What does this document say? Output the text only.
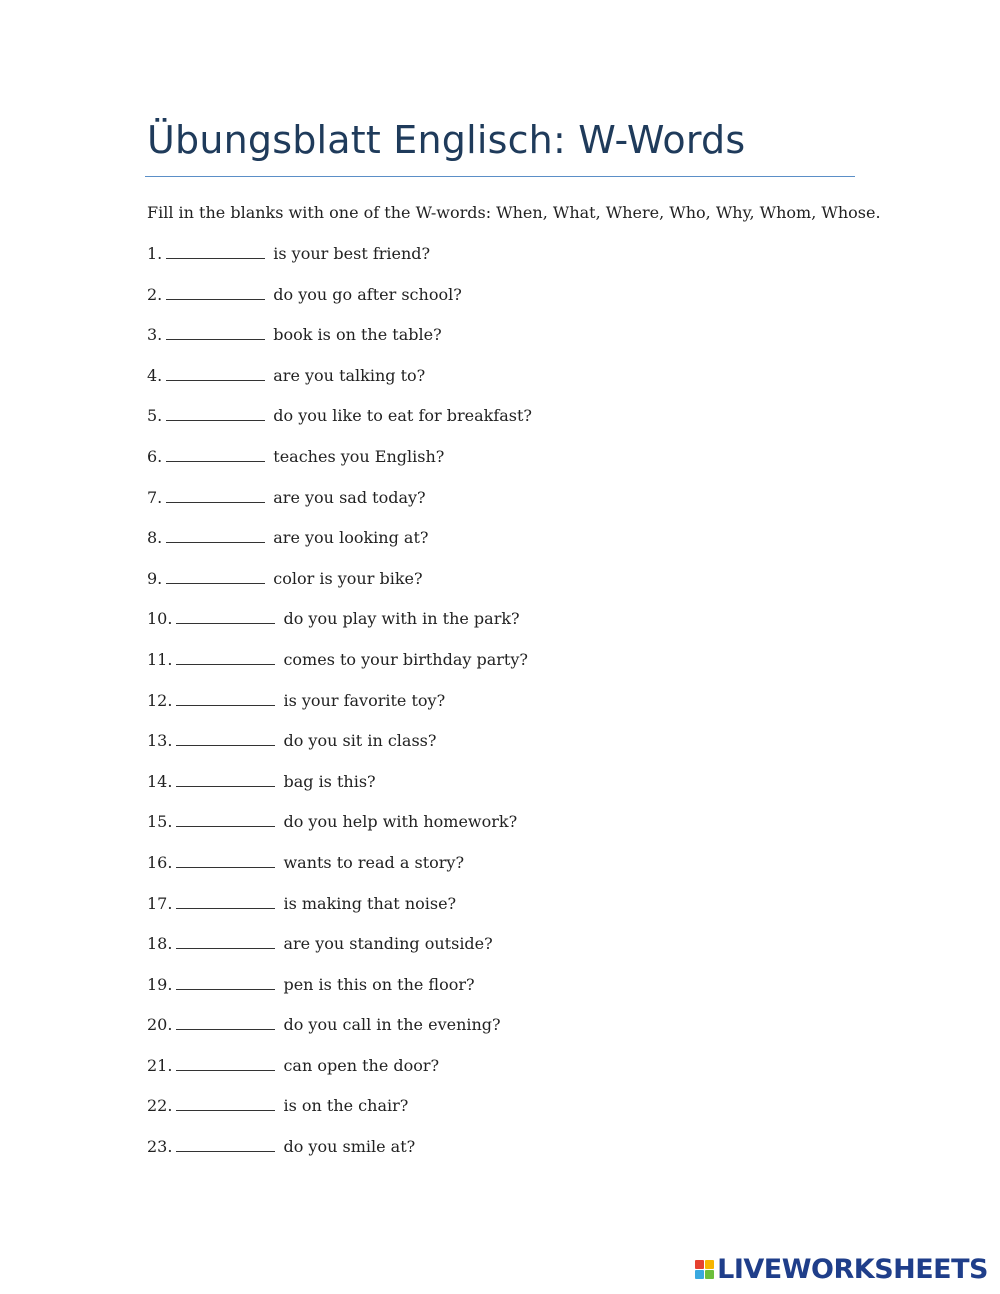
Übungsblatt Englisch: W-Words
Fill in the blanks with one of the W-words: When, What, Where, Who, Why, Whom, Whose.
1.	is your best friend?
2.	do you go after school?
3.	book is on the table?
4.	are you talking to?
5.	do you like to eat for breakfast?
6.	teaches you English?
7.	are you sad today?
8.	are you looking at?
9.	color is your bike?
10.	do you play with in the park?
11.	comes to your birthday party?
12.	is your favorite toy?
13.	do you sit in class?
14.	bag is this?
15.	do you help with homework?
16.	wants to read a story?
17.	is making that noise?
18.	are you standing outside?
19.	pen is this on the floor?
20.	do you call in the evening?
21.	can open the door?
22.	is on the chair?
23.	do you smile at?
LIVEWORKSHEETS
